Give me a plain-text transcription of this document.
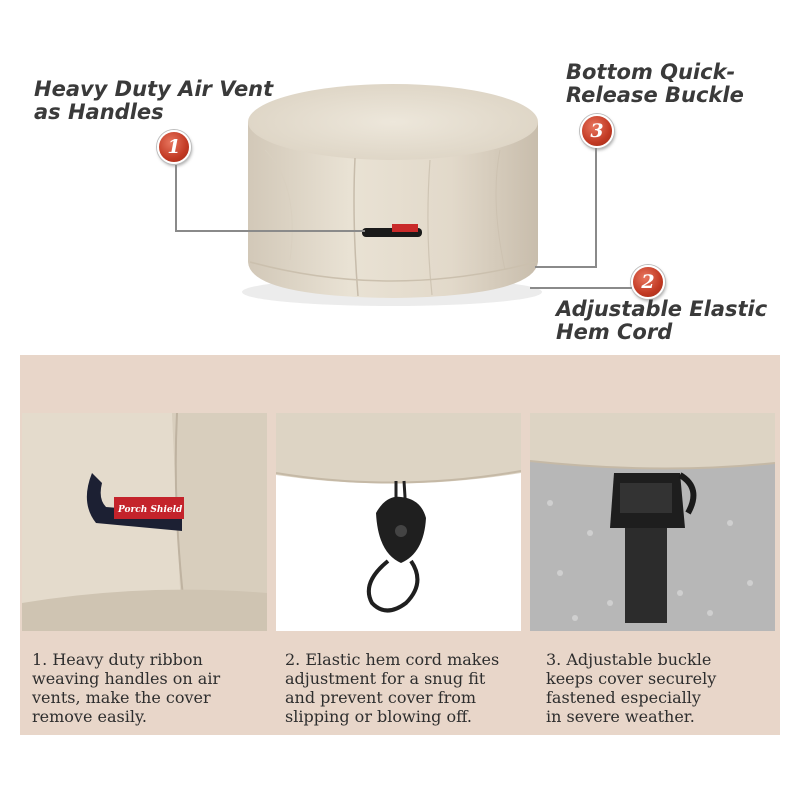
Heavy Duty Air Vent
as Handles
1
Bottom Quick-
Release Buckle
3
2
Adjustable Elastic
Hem Cord
Porch Shield
1. Heavy duty ribbon
weaving handles on air
vents, make the cover
remove easily.
2. Elastic hem cord makes
adjustment for a snug fit
and prevent cover from
slipping or blowing off.
3. Adjustable buckle
keeps cover securely
fastened especially
in severe weather.
